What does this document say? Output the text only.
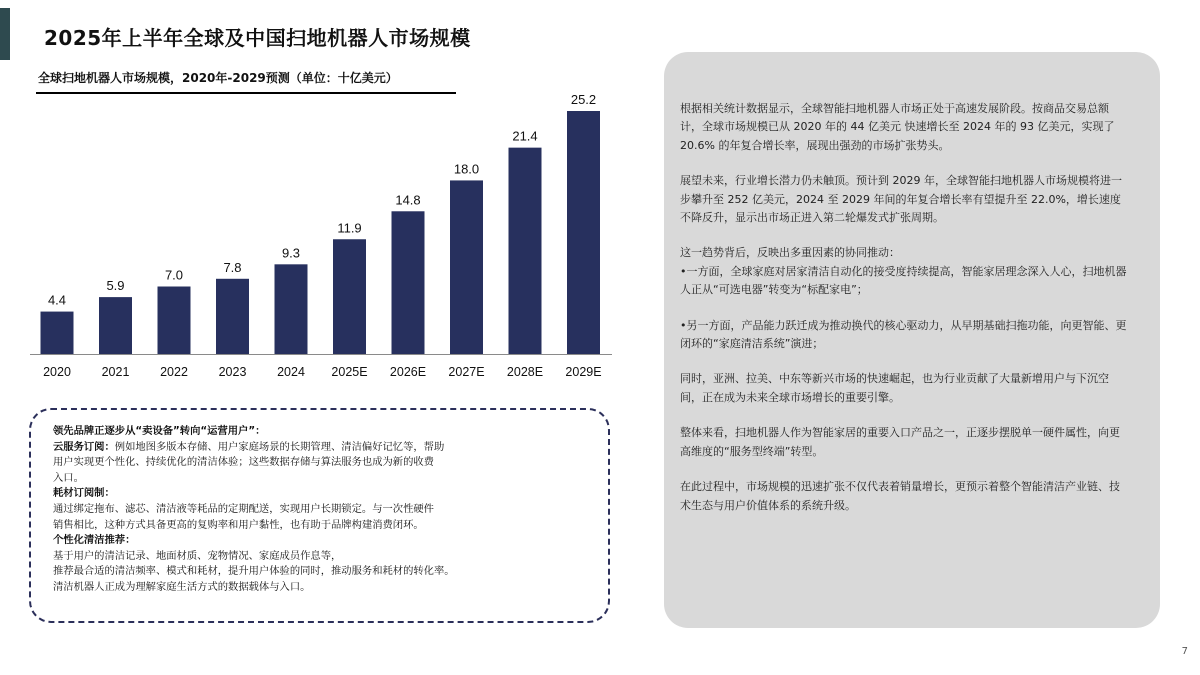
2025年上半年全球及中国扫地机器人市场规模
全球扫地机器人市场规模，2020年-2029预测（单位：十亿美元）
4.4
2020
5.9
2021
7.0
2022
7.8
2023
9.3
2024
11.9
2025E
14.8
2026E
18.0
2027E
21.4
2028E
25.2
2029E
领先品牌正逐步从“卖设备”转向“运营用户”：
云服务订阅：例如地图多版本存储、用户家庭场景的长期管理、清洁偏好记忆等，帮助
用户实现更个性化、持续优化的清洁体验；这些数据存储与算法服务也成为新的收费
入口。
耗材订阅制：
通过绑定拖布、滤芯、清洁液等耗品的定期配送，实现用户长期锁定。与一次性硬件
销售相比，这种方式具备更高的复购率和用户黏性，也有助于品牌构建消费闭环。
个性化清洁推荐：
基于用户的清洁记录、地面材质、宠物情况、家庭成员作息等，
推荐最合适的清洁频率、模式和耗材，提升用户体验的同时，推动服务和耗材的转化率。
清洁机器人正成为理解家庭生活方式的数据载体与入口。

根据相关统计数据显示，全球智能扫地机器人市场正处于高速发展阶段。按商品交易总额计，全球市场规模已从 2020 年的 44 亿美元 快速增长至 2024 年的 93 亿美元，实现了 20.6% 的年复合增长率，展现出强劲的市场扩张势头。

展望未来，行业增长潜力仍未触顶。预计到 2029 年，全球智能扫地机器人市场规模将进一步攀升至 252 亿美元，2024 至 2029 年间的年复合增长率有望提升至 22.0%，增长速度不降反升，显示出市场正进入第二轮爆发式扩张周期。

这一趋势背后，反映出多重因素的协同推动：

•一方面，全球家庭对居家清洁自动化的接受度持续提高，智能家居理念深入人心，扫地机器人正从“可选电器”转变为“标配家电”；

•另一方面，产品能力跃迁成为推动换代的核心驱动力，从早期基础扫拖功能，向更智能、更闭环的“家庭清洁系统”演进；

同时，亚洲、拉美、中东等新兴市场的快速崛起，也为行业贡献了大量新增用户与下沉空间，正在成为未来全球市场增长的重要引擎。

整体来看，扫地机器人作为智能家居的重要入口产品之一，正逐步摆脱单一硬件属性，向更高维度的“服务型终端”转型。

在此过程中，市场规模的迅速扩张不仅代表着销量增长，更预示着整个智能清洁产业链、技术生态与用户价值体系的系统升级。

7
